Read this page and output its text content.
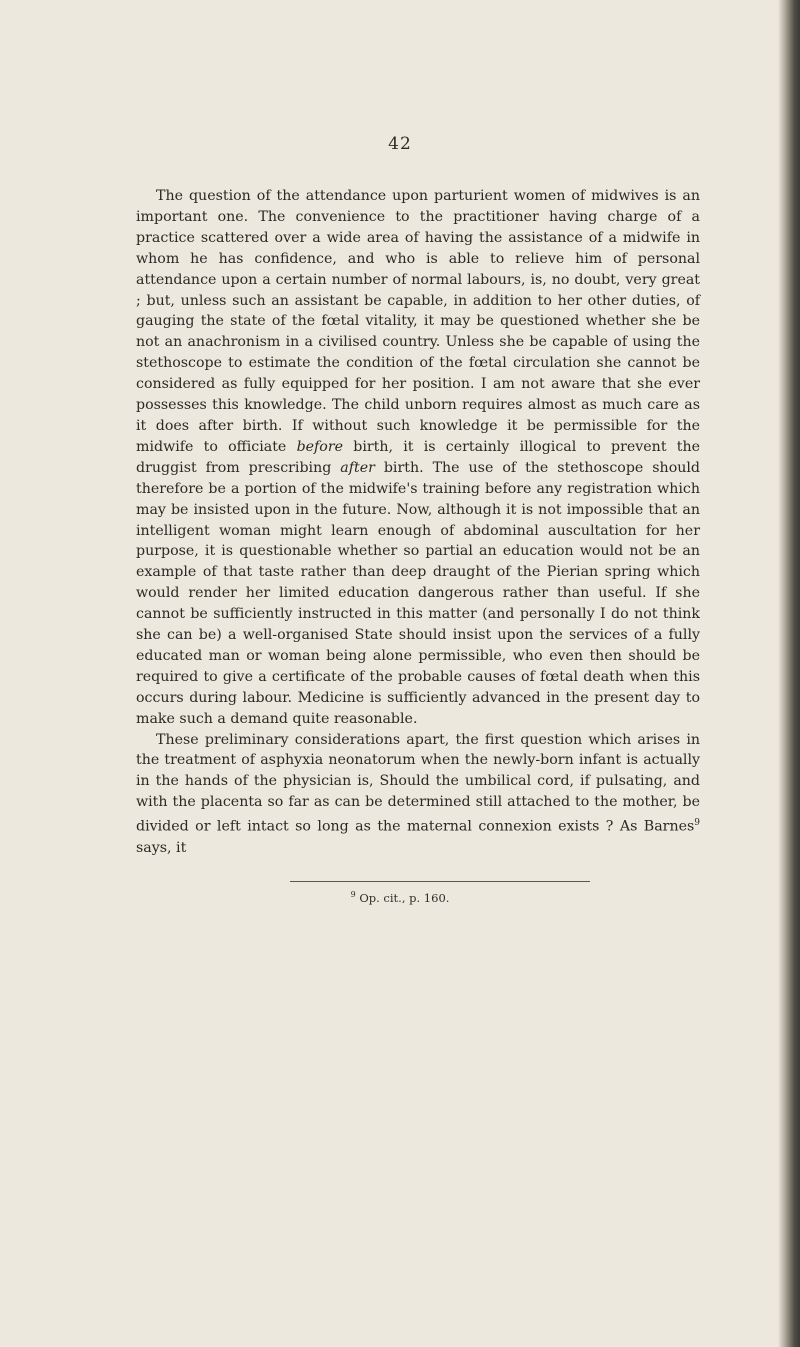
42

The question of the attendance upon parturient women of midwives is an important one. The convenience to the practitioner having charge of a practice scattered over a wide area of having the assistance of a midwife in whom he has confidence, and who is able to relieve him of personal attendance upon a certain number of normal labours, is, no doubt, very great ; but, unless such an assistant be capable, in addition to her other duties, of gauging the state of the fœtal vitality, it may be questioned whether she be not an anachronism in a civilised country. Unless she be capable of using the stethoscope to estimate the condition of the fœtal circulation she cannot be considered as fully equipped for her position. I am not aware that she ever possesses this knowledge. The child unborn requires almost as much care as it does after birth. If without such knowledge it be permissible for the midwife to officiate before birth, it is certainly illogical to prevent the druggist from prescribing after birth. The use of the stethoscope should therefore be a portion of the midwife's training before any registration which may be insisted upon in the future. Now, although it is not impossible that an intelligent woman might learn enough of abdominal auscultation for her purpose, it is questionable whether so partial an education would not be an example of that taste rather than deep draught of the Pierian spring which would render her limited education dangerous rather than useful. If she cannot be sufficiently instructed in this matter (and personally I do not think she can be) a well-organised State should insist upon the services of a fully educated man or woman being alone permissible, who even then should be required to give a certificate of the probable causes of fœtal death when this occurs during labour. Medicine is sufficiently advanced in the present day to make such a demand quite reasonable.

These preliminary considerations apart, the first question which arises in the treatment of asphyxia neonatorum when the newly-born infant is actually in the hands of the physician is, Should the umbilical cord, if pulsating, and with the placenta so far as can be determined still attached to the mother, be divided or left intact so long as the maternal connexion exists ? As Barnes$^9$ says, it

$^9$ Op. cit., p. 160.
